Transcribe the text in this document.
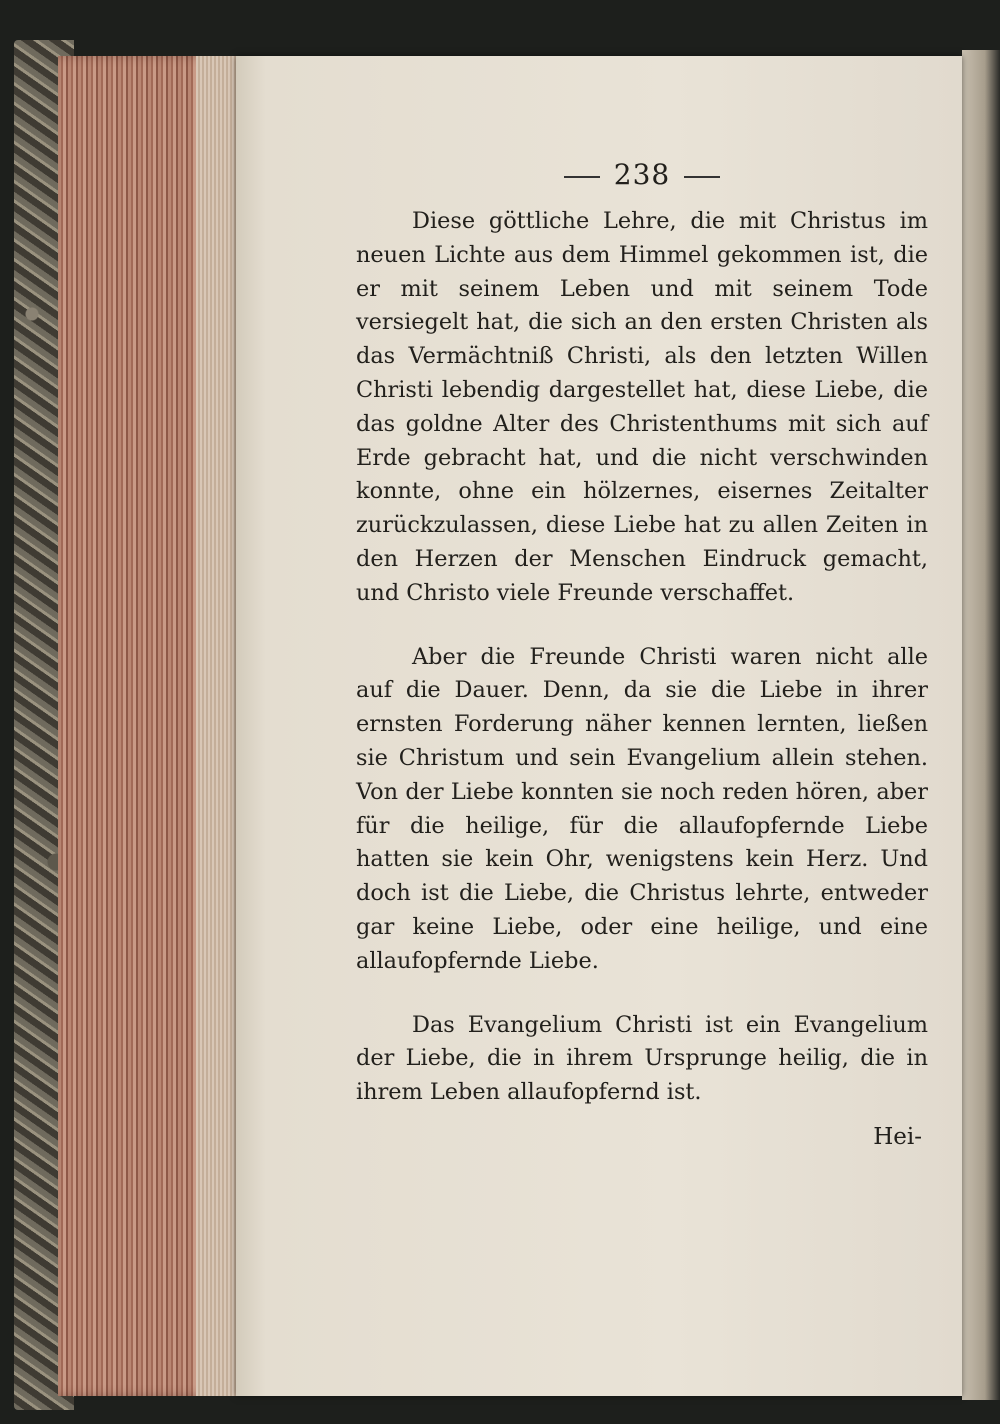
238

Diese göttliche Lehre, die mit Christus im neuen Lichte aus dem Himmel gekommen ist, die er mit seinem Leben und mit seinem Tode versiegelt hat, die sich an den ersten Christen als das Vermächtniß Christi, als den letzten Willen Christi lebendig dargestellet hat, diese Liebe, die das goldne Alter des Christenthums mit sich auf Erde gebracht hat, und die nicht verschwinden konnte, ohne ein hölzernes, eisernes Zeitalter zurückzulassen, diese Liebe hat zu allen Zeiten in den Herzen der Menschen Eindruck gemacht, und Christo viele Freunde verschaffet.

Aber die Freunde Christi waren nicht alle auf die Dauer. Denn, da sie die Liebe in ihrer ernsten Forderung näher kennen lernten, ließen sie Christum und sein Evangelium allein stehen. Von der Liebe konnten sie noch reden hören, aber für die heilige, für die allaufopfernde Liebe hatten sie kein Ohr, wenigstens kein Herz. Und doch ist die Liebe, die Christus lehrte, entweder gar keine Liebe, oder eine heilige, und eine allaufopfernde Liebe.

Das Evangelium Christi ist ein Evangelium der Liebe, die in ihrem Ursprunge heilig, die in ihrem Leben allaufopfernd ist.

Hei-
